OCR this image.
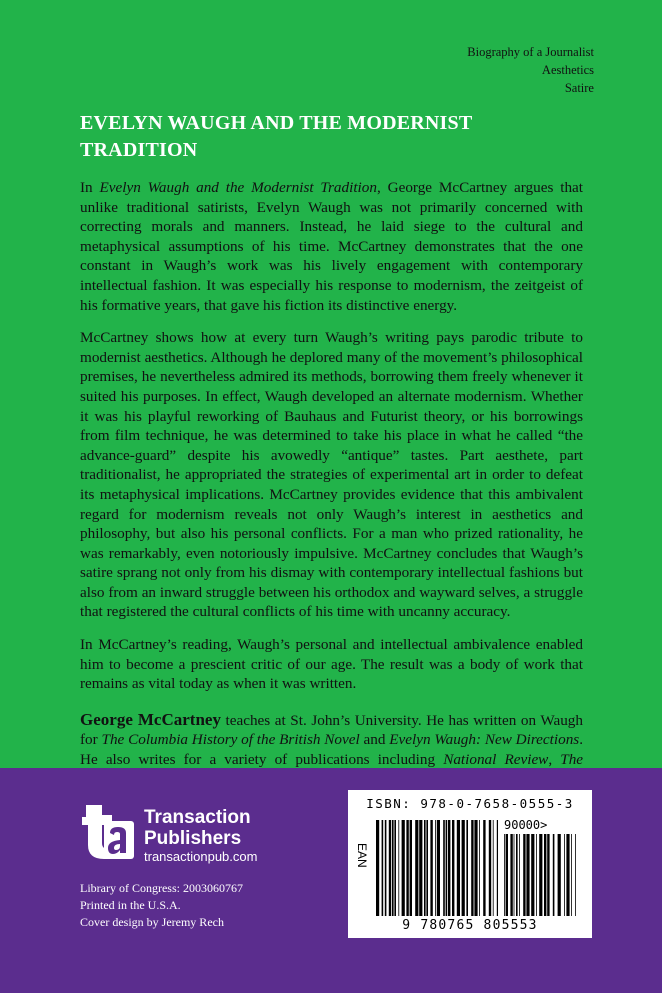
Biography of a Journalist
Aesthetics
Satire
EVELYN WAUGH AND THE MODERNIST TRADITION

In Evelyn Waugh and the Modernist Tradition, George McCartney argues that unlike traditional satirists, Evelyn Waugh was not primarily concerned with correcting morals and manners. Instead, he laid siege to the cultural and metaphysical assumptions of his time. McCartney demonstrates that the one constant in Waugh’s work was his lively engagement with contemporary intellectual fashion. It was especially his response to modernism, the zeitgeist of his formative years, that gave his fiction its distinctive energy.

McCartney shows how at every turn Waugh’s writing pays parodic tribute to modernist aesthetics. Although he deplored many of the movement’s philosophical premises, he nevertheless admired its methods, borrowing them freely whenever it suited his purposes. In effect, Waugh developed an alternate modernism. Whether it was his playful reworking of Bauhaus and Futurist theory, or his borrowings from film technique, he was determined to take his place in what he called “the advance-guard” despite his avowedly “antique” tastes. Part aesthete, part traditionalist, he appropriated the strategies of experimental art in order to defeat its metaphysical implications. McCartney provides evidence that this ambivalent regard for modernism reveals not only Waugh’s interest in aesthetics and philosophy, but also his personal conflicts. For a man who prized rationality, he was remarkably, even notoriously impulsive. McCartney concludes that Waugh’s satire sprang not only from his dismay with contemporary intellectual fashions but also from an inward struggle between his orthodox and wayward selves, a struggle that registered the cultural conflicts of his time with uncanny accuracy.

In McCartney’s reading, Waugh’s personal and intellectual ambivalence enabled him to become a prescient critic of our age. The result was a body of work that remains as vital today as when it was written.

George McCartney teaches at St. John’s University. He has written on Waugh for The Columbia History of the British Novel and Evelyn Waugh: New Directions. He also writes for a variety of publications including National Review, The

Transaction
Publishers
transactionpub.com
Library of Congress: 2003060767
Printed in the U.S.A.
Cover design by Jeremy Rech
ISBN: 978-0-7658-0555-3
EAN
90000>
9 780765 805553
